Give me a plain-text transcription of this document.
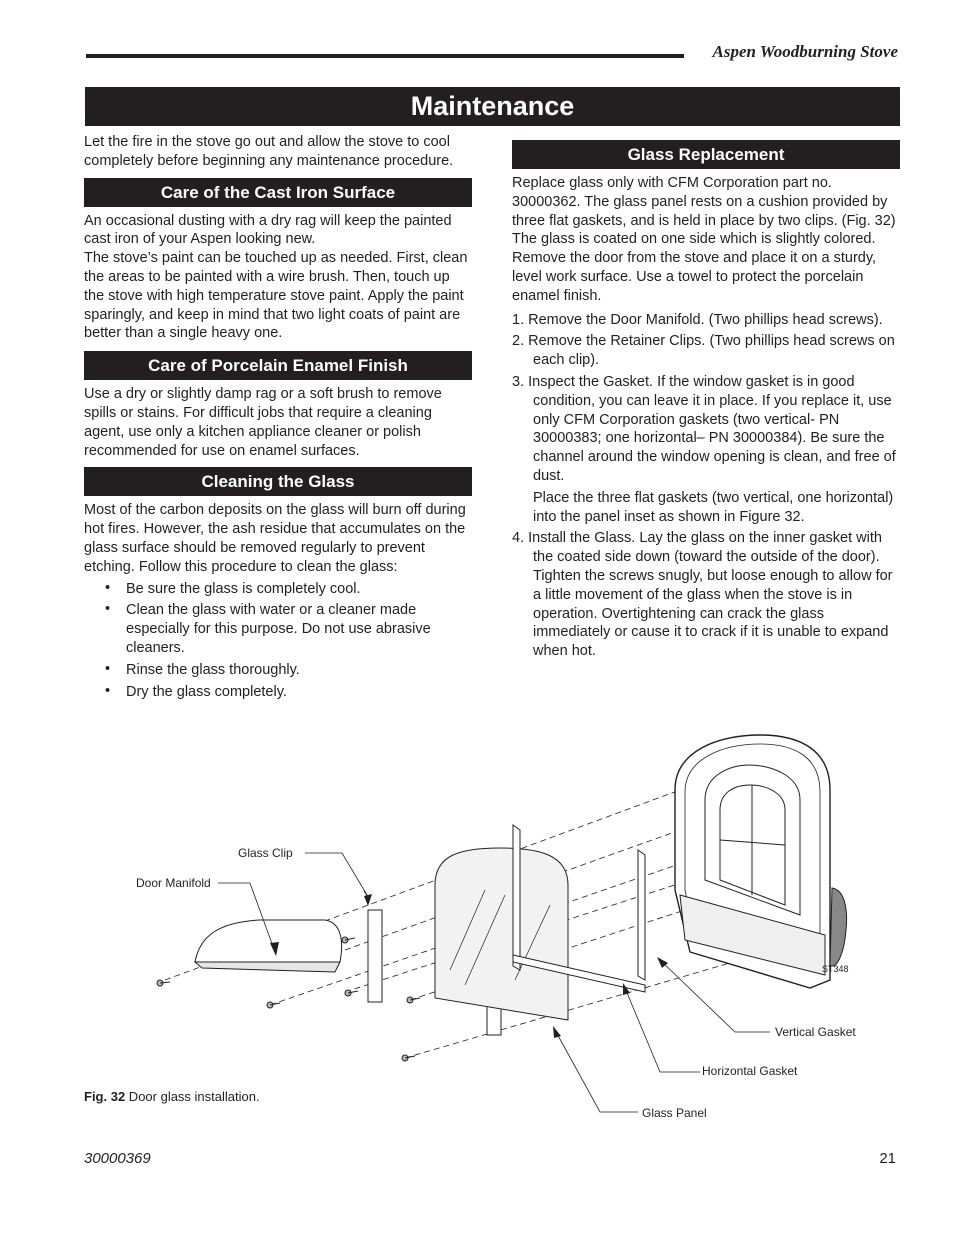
Aspen Woodburning Stove
Maintenance

Let the fire in the stove go out and allow the stove to cool completely before beginning any maintenance procedure.

Care of the Cast Iron Surface

An occasional dusting with a dry rag will keep the painted cast iron of your Aspen looking new.

The stove’s paint can be touched up as needed. First, clean the areas to be painted with a wire brush. Then, touch up the stove with high temperature stove paint. Apply the paint sparingly, and keep in mind that two light coats of paint are better than a single heavy one.

Care of Porcelain Enamel Finish

Use a dry or slightly damp rag or a soft brush to remove spills or stains. For difficult jobs that require a cleaning agent, use only a kitchen appliance cleaner or polish recommended for use on enamel surfaces.

Cleaning the Glass

Most of the carbon deposits on the glass will burn off during hot fires. However, the ash residue that accumulates on the glass surface should be removed regularly to prevent etching. Follow this procedure to clean the glass:

• Be sure the glass is completely cool.
• Clean the glass with water or a cleaner made especially for this purpose. Do not use abrasive cleaners.
• Rinse the glass thoroughly.
• Dry the glass completely.
Glass Replacement

Replace glass only with CFM Corporation part no. 30000362. The glass panel rests on a cushion provided by three flat gaskets, and is held in place by two clips. (Fig. 32) The glass is coated on one side which is slightly colored. Remove the door from the stove and place it on a sturdy, level work surface. Use a towel to protect the porcelain enamel finish.

1. Remove the Door Manifold. (Two phillips head screws).
2. Remove the Retainer Clips. (Two phillips head screws on each clip).
3. Inspect the Gasket. If the window gasket is in good condition, you can leave it in place. If you replace it, use only CFM Corporation gaskets (two vertical- PN 30000383; one horizontal– PN 30000384). Be sure the channel around the window opening is clean, and free of dust.

Place the three flat gaskets (two vertical, one horizontal) into the panel inset as shown in Figure 32.

4. Install the Glass. Lay the glass on the inner gasket with the coated side down (toward the outside of the door). Tighten the screws snugly, but loose enough to allow for a little movement of the glass when the stove is in operation. Overtightening can crack the glass immediately or cause it to crack if it is unable to expand when hot.
Glass Clip
Door Manifold
Vertical Gasket
Horizontal Gasket
Glass Panel
ST348
Fig. 32 Door glass installation.
30000369	21
